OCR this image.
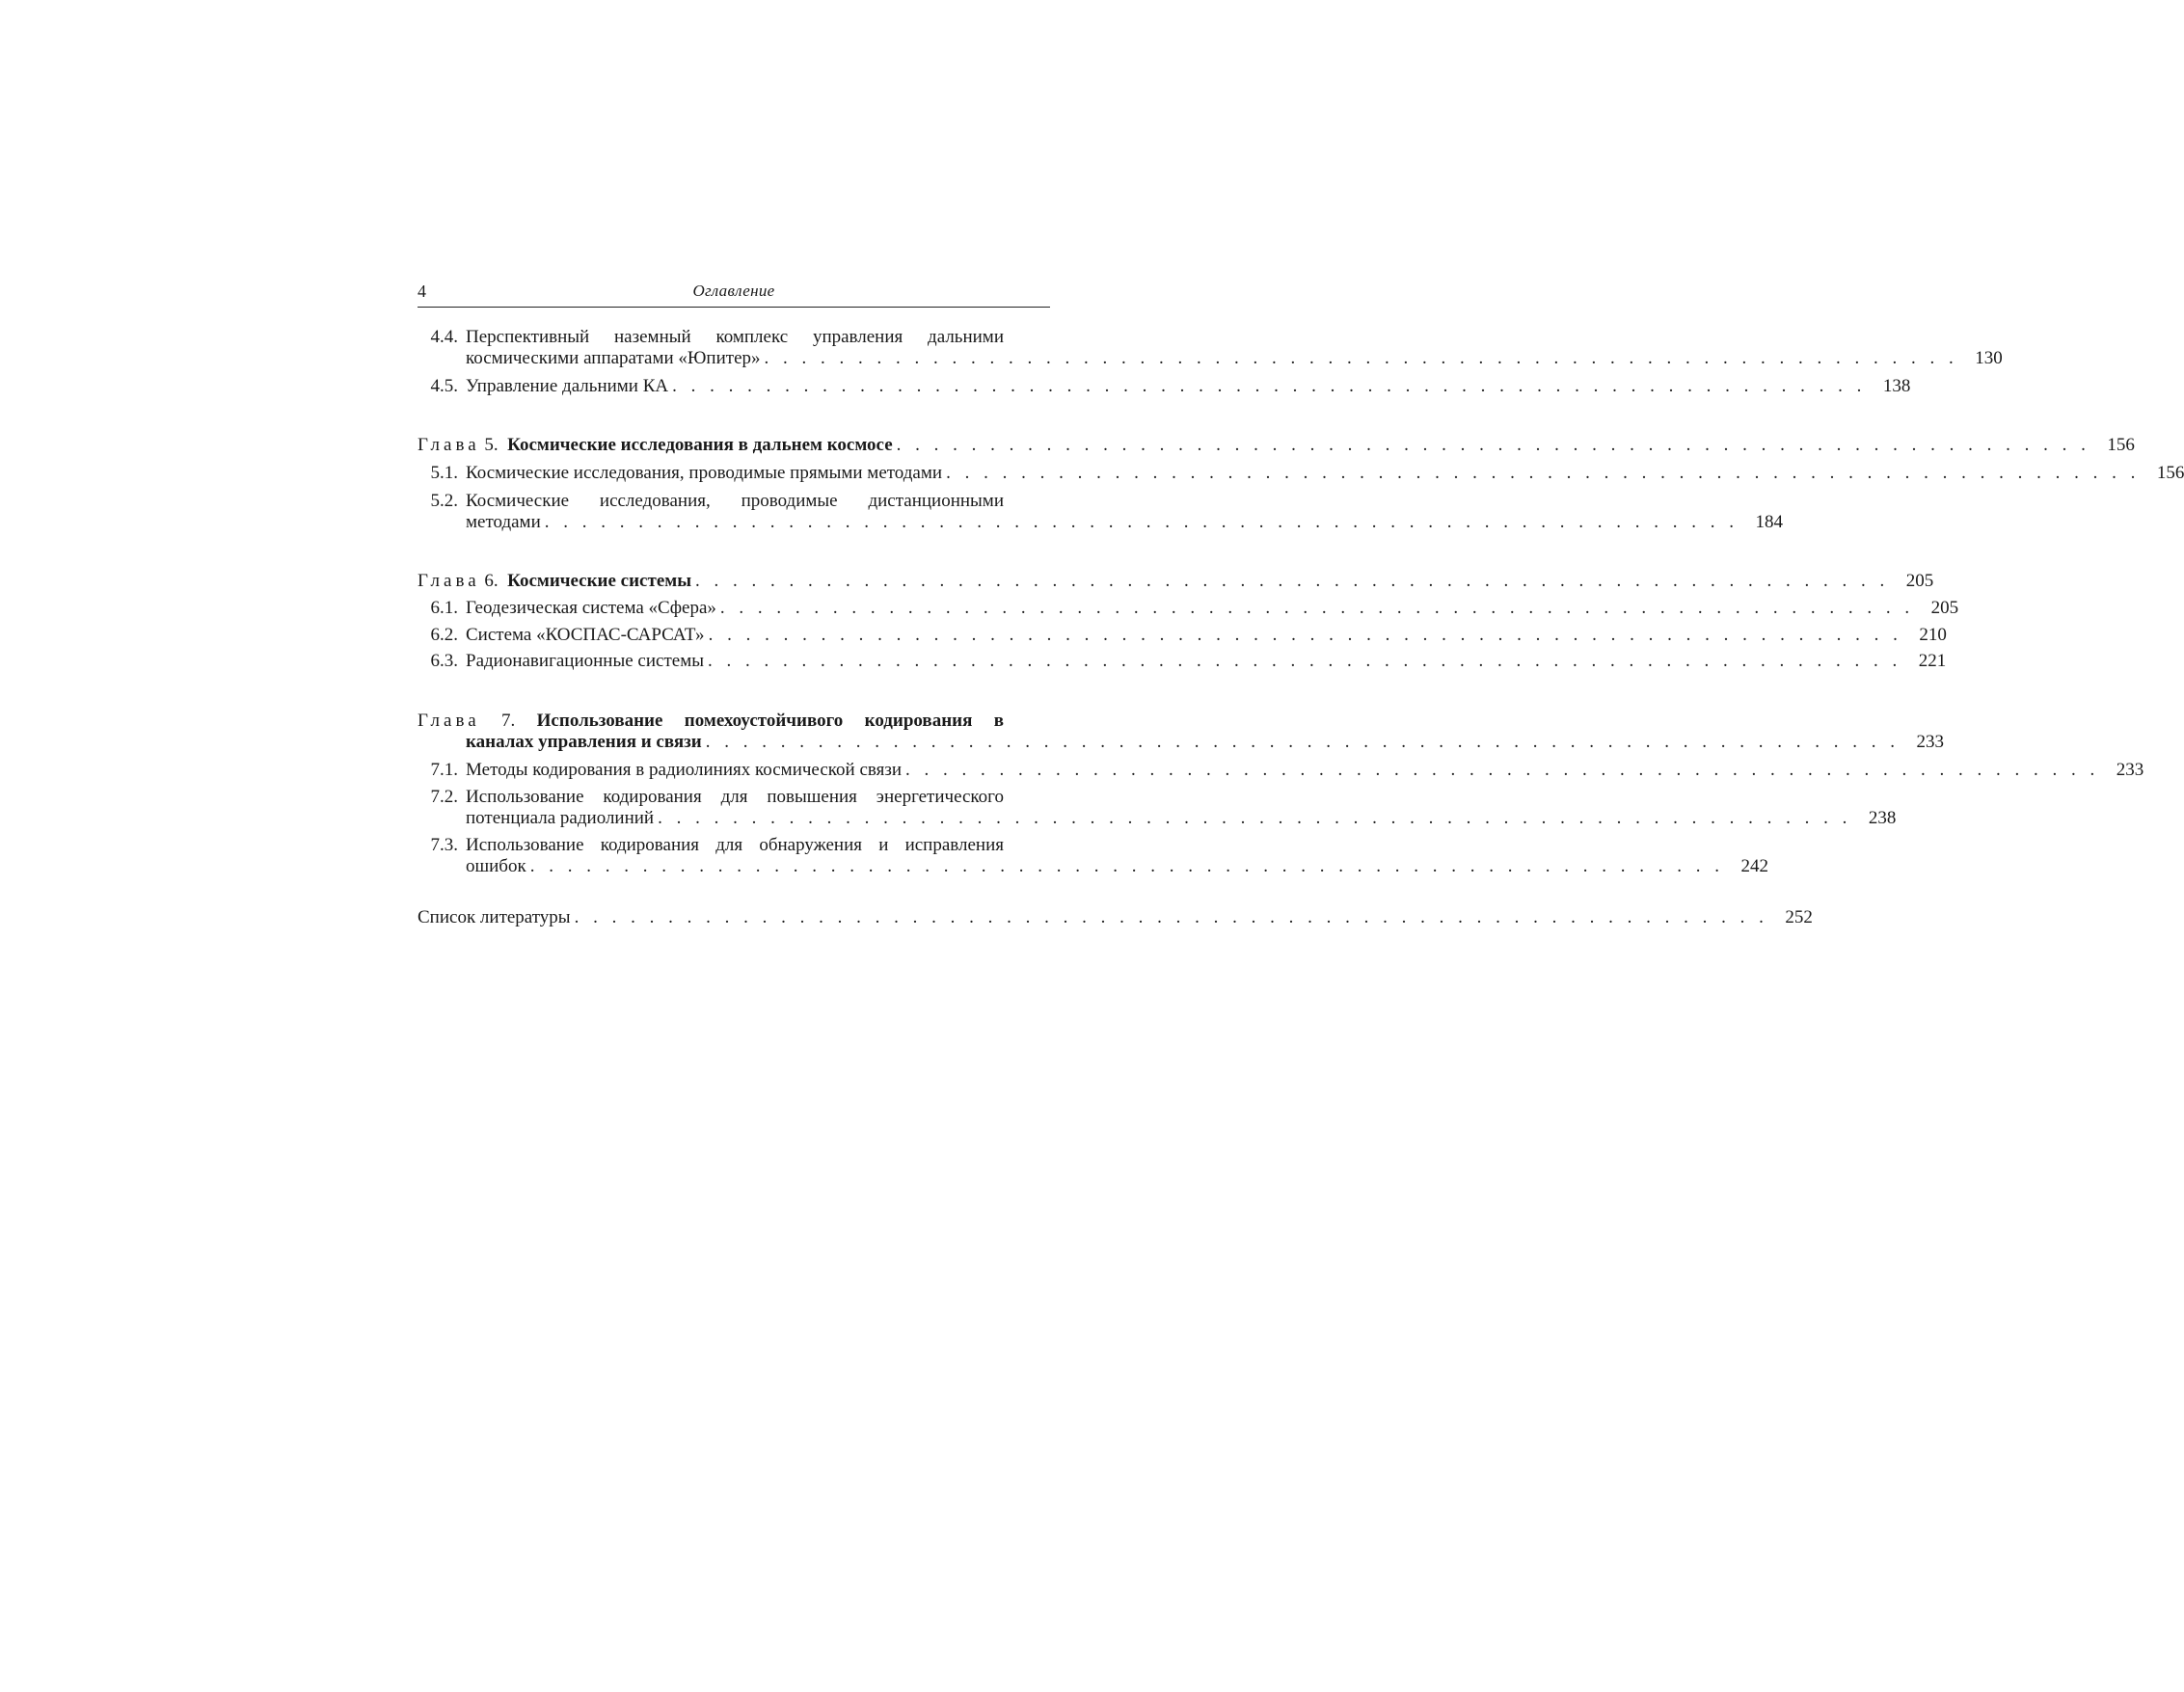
4	Оглавление
4.4. Перспективный наземный комплекс управления дальними
космическими аппаратами «Юпитер» . . . . . . . . . . . . . . . . . . . . . . . . . . . . . . . . . . . . . . . . . . . . . . . . . . . . . . . . . . . . . . . . 130
4.5. Управление дальними КА . . . . . . . . . . . . . . . . . . . . . . . . . . . . . . . . . . . . . . . . . . . . . . . . . . . . . . . . . . . . . . . . 138
Глава 5. Космические исследования в дальнем космосе . . . . . . . . . . . . . . . . . . . . . . . . . . . . . . . . . . . . . . . . . . . . . . . . . . . . . . . . . . . . . . . . 156
5.1. Космические исследования, проводимые прямыми методами . . . . . . . . . . . . . . . . . . . . . . . . . . . . . . . . . . . . . . . . . . . . . . . . . . . . . . . . . . . . . . . . 156
5.2. Космические исследования, проводимые дистанционными
методами . . . . . . . . . . . . . . . . . . . . . . . . . . . . . . . . . . . . . . . . . . . . . . . . . . . . . . . . . . . . . . . . 184
Глава 6. Космические системы . . . . . . . . . . . . . . . . . . . . . . . . . . . . . . . . . . . . . . . . . . . . . . . . . . . . . . . . . . . . . . . . 205
6.1. Геодезическая система «Сфера» . . . . . . . . . . . . . . . . . . . . . . . . . . . . . . . . . . . . . . . . . . . . . . . . . . . . . . . . . . . . . . . . 205
6.2. Система «КОСПАС-САРСАТ» . . . . . . . . . . . . . . . . . . . . . . . . . . . . . . . . . . . . . . . . . . . . . . . . . . . . . . . . . . . . . . . . 210
6.3. Радионавигационные системы . . . . . . . . . . . . . . . . . . . . . . . . . . . . . . . . . . . . . . . . . . . . . . . . . . . . . . . . . . . . . . . . 221
Глава 7. Использование помехоустойчивого кодирования в
каналах управления и связи . . . . . . . . . . . . . . . . . . . . . . . . . . . . . . . . . . . . . . . . . . . . . . . . . . . . . . . . . . . . . . . . 233
7.1. Методы кодирования в радиолиниях космической связи . . . . . . . . . . . . . . . . . . . . . . . . . . . . . . . . . . . . . . . . . . . . . . . . . . . . . . . . . . . . . . . . 233
7.2. Использование кодирования для повышения энергетического
потенциала радиолиний . . . . . . . . . . . . . . . . . . . . . . . . . . . . . . . . . . . . . . . . . . . . . . . . . . . . . . . . . . . . . . . . 238
7.3. Использование кодирования для обнаружения и исправления
ошибок . . . . . . . . . . . . . . . . . . . . . . . . . . . . . . . . . . . . . . . . . . . . . . . . . . . . . . . . . . . . . . . . 242
Список литературы . . . . . . . . . . . . . . . . . . . . . . . . . . . . . . . . . . . . . . . . . . . . . . . . . . . . . . . . . . . . . . . . 252
